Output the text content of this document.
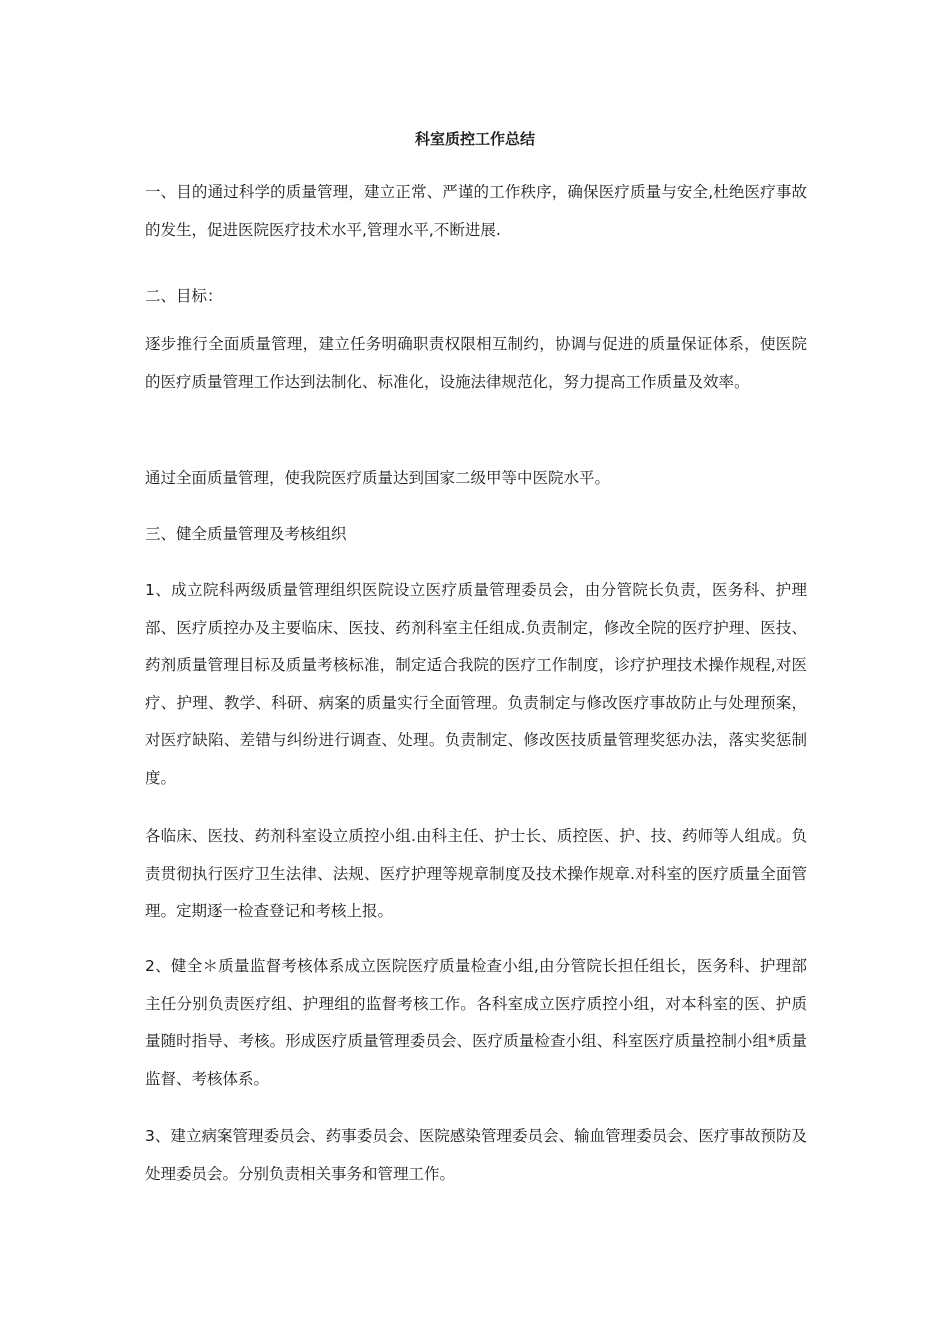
科室质控工作总结

一、目的通过科学的质量管理，建立正常、严谨的工作秩序，确保医疗质量与安全,杜绝医疗事故的发生，促进医院医疗技术水平,管理水平,不断进展.

二、目标：

逐步推行全面质量管理，建立任务明确职责权限相互制约，协调与促进的质量保证体系，使医院的医疗质量管理工作达到法制化、标准化，设施法律规范化，努力提高工作质量及效率。

通过全面质量管理，使我院医疗质量达到国家二级甲等中医院水平。

三、健全质量管理及考核组织

1、成立院科两级质量管理组织医院设立医疗质量管理委员会，由分管院长负责，医务科、护理部、医疗质控办及主要临床、医技、药剂科室主任组成.负责制定，修改全院的医疗护理、医技、药剂质量管理目标及质量考核标准，制定适合我院的医疗工作制度，诊疗护理技术操作规程,对医疗、护理、教学、科研、病案的质量实行全面管理。负责制定与修改医疗事故防止与处理预案，对医疗缺陷、差错与纠纷进行调查、处理。负责制定、修改医技质量管理奖惩办法，落实奖惩制度。

各临床、医技、药剂科室设立质控小组.由科主任、护士长、质控医、护、技、药师等人组成。负责贯彻执行医疗卫生法律、法规、医疗护理等规章制度及技术操作规章.对科室的医疗质量全面管理。定期逐一检查登记和考核上报。

2、健全＊质量监督考核体系成立医院医疗质量检查小组,由分管院长担任组长，医务科、护理部主任分别负责医疗组、护理组的监督考核工作。各科室成立医疗质控小组，对本科室的医、护质量随时指导、考核。形成医疗质量管理委员会、医疗质量检查小组、科室医疗质量控制小组*质量监督、考核体系。

3、建立病案管理委员会、药事委员会、医院感染管理委员会、输血管理委员会、医疗事故预防及处理委员会。分别负责相关事务和管理工作。
